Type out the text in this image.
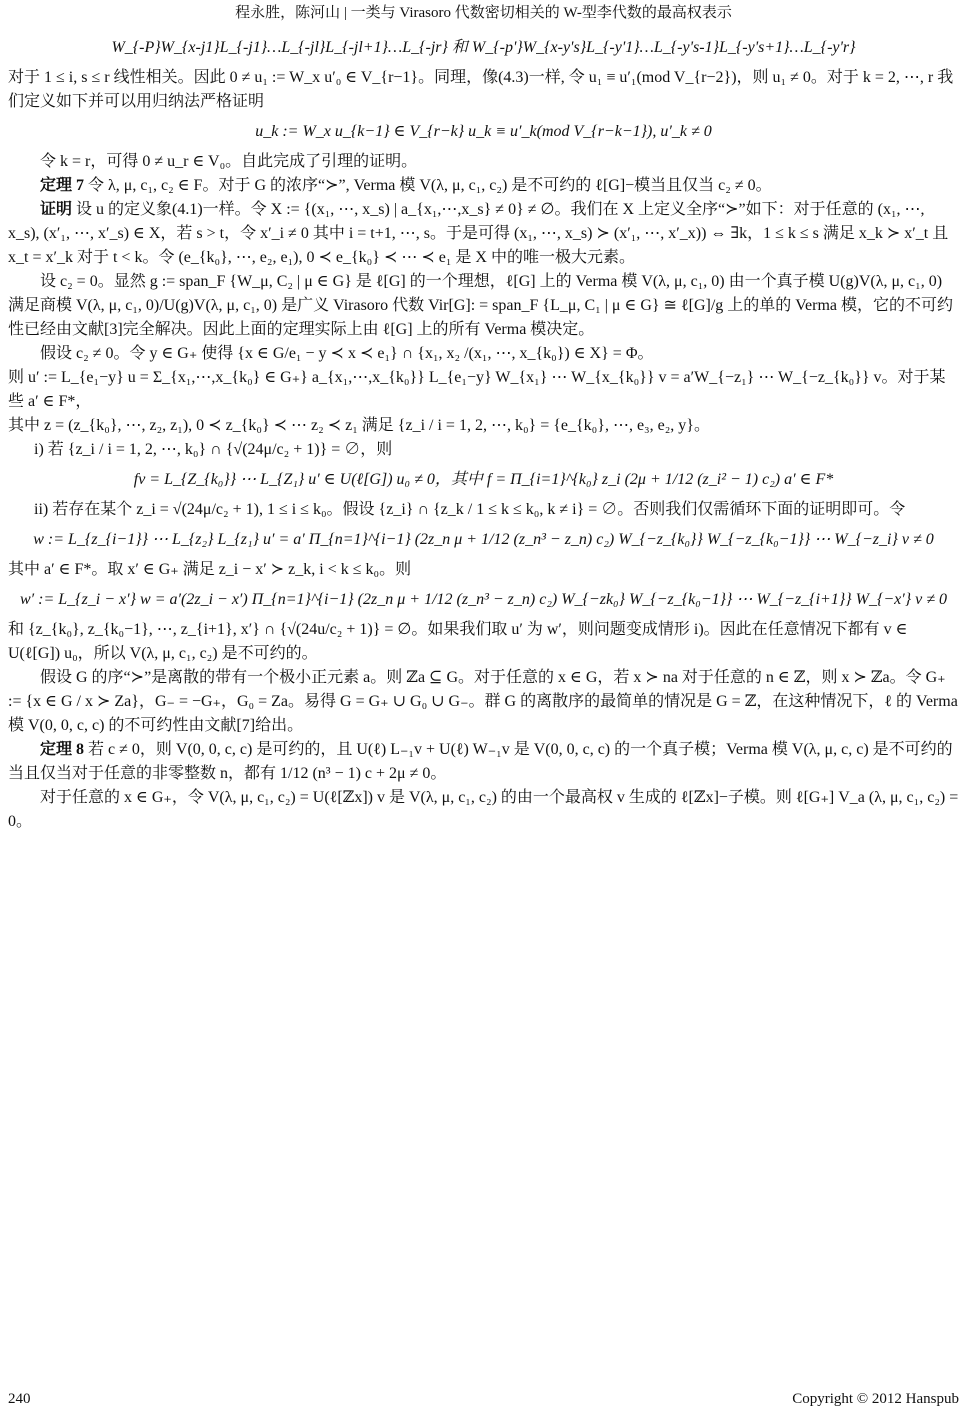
程永胜，陈河山 | 一类与 Virasoro 代数密切相关的 W-型李代数的最高权表示
W_{-P}W_{x-j1}L_{-j1}…L_{-jl}L_{-jl+1}…L_{-jr} 和 W_{-p'}W_{x-y's}L_{-y'1}…L_{-y's-1}L_{-y's+1}…L_{-y'r}

对于 1 ≤ i, s ≤ r 线性相关。因此 0 ≠ u₁ := W_x u′₀ ∈ V_{r−1}。同理，像(4.3)一样, 令 u₁ ≡ u′₁(mod V_{r−2})，则 u₁ ≠ 0。对于 k = 2, ⋯, r 我们定义如下并可以用归纳法严格证明

u_k := W_x u_{k−1} ∈ V_{r−k} u_k ≡ u′_k(mod V_{r−k−1}), u′_k ≠ 0

令 k = r，可得 0 ≠ u_r ∈ V₀。自此完成了引理的证明。

定理 7 令 λ, μ, c₁, c₂ ∈ F。对于 G 的浓序“≻”, Verma 模 V(λ, μ, c₁, c₂) 是不可约的 ℓ[G]−模当且仅当 c₂ ≠ 0。

证明 设 u 的定义象(4.1)一样。令 X := {(x₁, ⋯, x_s) | a_{x₁,⋯,x_s} ≠ 0} ≠ ∅。我们在 X 上定义全序“≻”如下：对于任意的 (x₁, ⋯, x_s), (x′₁, ⋯, x′_s) ∈ X，若 s > t，令 x′_i ≠ 0 其中 i = t+1, ⋯, s。于是可得 (x₁, ⋯, x_s) ≻ (x′₁, ⋯, x′_x)) ⇔ ∃k，1 ≤ k ≤ s 满足 x_k ≻ x′_t 且 x_t = x′_k 对于 t < k。令 (e_{k₀}, ⋯, e₂, e₁), 0 ≺ e_{k₀} ≺ ⋯ ≺ e₁ 是 X 中的唯一极大元素。

设 c₂ = 0。显然 g := span_F {W_μ, C₂ | μ ∈ G} 是 ℓ[G] 的一个理想，ℓ[G] 上的 Verma 模 V(λ, μ, c₁, 0) 由一个真子模 U(g)V(λ, μ, c₁, 0) 满足商模 V(λ, μ, c₁, 0)/U(g)V(λ, μ, c₁, 0) 是广义 Virasoro 代数 Vir[G]: = span_F {L_μ, C₁ | μ ∈ G} ≅ ℓ[G]/g 上的单的 Verma 模，它的不可约性已经由文献[3]完全解决。因此上面的定理实际上由 ℓ[G] 上的所有 Verma 模决定。

假设 c₂ ≠ 0。令 y ∈ G₊ 使得 {x ∈ G/e₁ − y ≺ x ≺ e₁} ∩ {x₁, x₂ /(x₁, ⋯, x_{k₀}) ∈ X} = Φ。

则 u′ := L_{e₁−y} u = Σ_{x₁,⋯,x_{k₀} ∈ G₊} a_{x₁,⋯,x_{k₀}} L_{e₁−y} W_{x₁} ⋯ W_{x_{k₀}} v = a′W_{−z₁} ⋯ W_{−z_{k₀}} v。对于某些 a′ ∈ F*，

其中 z = (z_{k₀}, ⋯, z₂, z₁), 0 ≺ z_{k₀} ≺ ⋯ z₂ ≺ z₁ 满足 {z_i / i = 1, 2, ⋯, k₀} = {e_{k₀}, ⋯, e₃, e₂, y}。

i) 若 {z_i / i = 1, 2, ⋯, k₀} ∩ {√(24μ/c₂ + 1)} = ∅，则

fv = L_{Z_{k₀}} ⋯ L_{Z₁} u′ ∈ U(ℓ[G]) u₀ ≠ 0，其中 f = Π_{i=1}^{k₀} z_i (2μ + 1/12 (z_i² − 1) c₂) a′ ∈ F*

ii) 若存在某个 z_i = √(24μ/c₂ + 1), 1 ≤ i ≤ k₀。假设 {z_i} ∩ {z_k / 1 ≤ k ≤ k₀, k ≠ i} = ∅。否则我们仅需循环下面的证明即可。令

w := L_{z_{i−1}} ⋯ L_{z₂} L_{z₁} u′ = a′ Π_{n=1}^{i−1} (2z_n μ + 1/12 (z_n³ − z_n) c₂) W_{−z_{k₀}} W_{−z_{k₀−1}} ⋯ W_{−z_i} v ≠ 0

其中 a′ ∈ F*。取 x′ ∈ G₊ 满足 z_i − x′ ≻ z_k, i < k ≤ k₀。则

w′ := L_{z_i − x′} w = a′(2z_i − x′) Π_{n=1}^{i−1} (2z_n μ + 1/12 (z_n³ − z_n) c₂) W_{−zk₀} W_{−z_{k₀−1}} ⋯ W_{−z_{i+1}} W_{−x′} v ≠ 0

和 {z_{k₀}, z_{k₀−1}, ⋯, z_{i+1}, x′} ∩ {√(24u/c₂ + 1)} = ∅。如果我们取 u′ 为 w′，则问题变成情形 i)。因此在任意情况下都有 v ∈ U(ℓ[G]) u₀，所以 V(λ, μ, c₁, c₂) 是不可约的。

假设 G 的序“≻”是离散的带有一个极小正元素 a。则 ℤa ⊆ G。对于任意的 x ∈ G，若 x ≻ na 对于任意的 n ∈ ℤ，则 x ≻ ℤa。令 G₊ := {x ∈ G / x ≻ Za}，G₋ = −G₊，G₀ = Za。易得 G = G₊ ∪ G₀ ∪ G₋。群 G 的离散序的最简单的情况是 G = ℤ，在这种情况下，ℓ 的 Verma 模 V(0, 0, c, c) 的不可约性由文献[7]给出。

定理 8 若 c ≠ 0，则 V(0, 0, c, c) 是可约的，且 U(ℓ) L₋₁v + U(ℓ) W₋₁v 是 V(0, 0, c, c) 的一个真子模；Verma 模 V(λ, μ, c, c) 是不可约的当且仅当对于任意的非零整数 n，都有 1/12 (n³ − 1) c + 2μ ≠ 0。

对于任意的 x ∈ G₊，令 V(λ, μ, c₁, c₂) = U(ℓ[ℤx]) v 是 V(λ, μ, c₁, c₂) 的由一个最高权 v 生成的 ℓ[ℤx]−子模。则 ℓ[G₊] V_a (λ, μ, c₁, c₂) = 0。

240	Copyright © 2012 Hanspub
